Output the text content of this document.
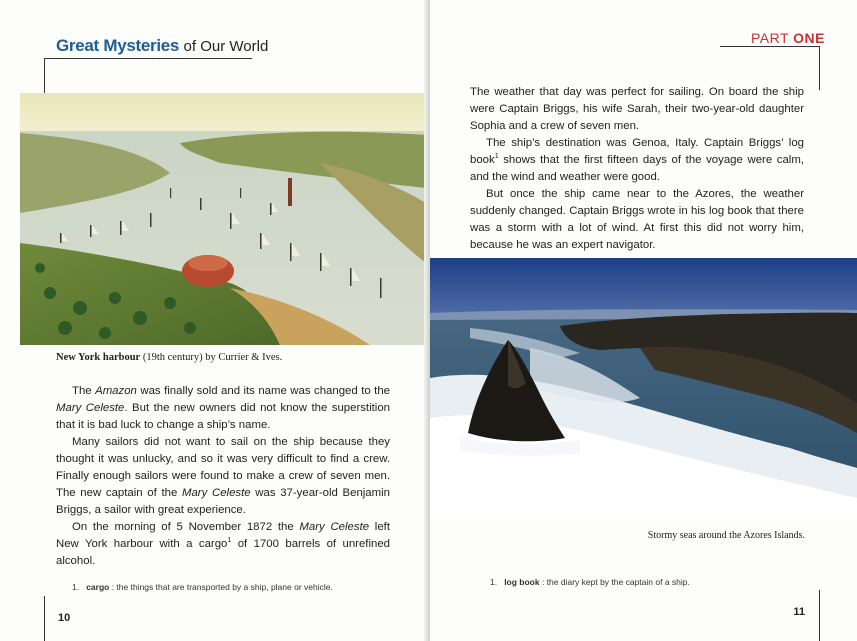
Great Mysteries of Our World
New York harbour (19th century) by Currier & Ives.

The Amazon was finally sold and its name was changed to the Mary Celeste. But the new owners did not know the superstition that it is bad luck to change a ship’s name.

Many sailors did not want to sail on the ship because they thought it was unlucky, and so it was very difficult to find a crew. Finally enough sailors were found to make a crew of seven men. The new captain of the Mary Celeste was 37-year-old Benjamin Briggs, a sailor with great experience.

On the morning of 5 November 1872 the Mary Celeste left New York harbour with a cargo$^1$ of 1700 barrels of unrefined alcohol.

1. cargo : the things that are transported by a ship, plane or vehicle.
10
PART ONE

The weather that day was perfect for sailing. On board the ship were Captain Briggs, his wife Sarah, their two-year-old daughter Sophia and a crew of seven men.

The ship’s destination was Genoa, Italy. Captain Briggs’ log book$^1$ shows that the first fifteen days of the voyage were calm, and the wind and weather were good.

But once the ship came near to the Azores, the weather suddenly changed. Captain Briggs wrote in his log book that there was a storm with a lot of wind. At first this did not worry him, because he was an expert navigator.

Stormy seas around the Azores Islands.
1. log book : the diary kept by the captain of a ship.
11
